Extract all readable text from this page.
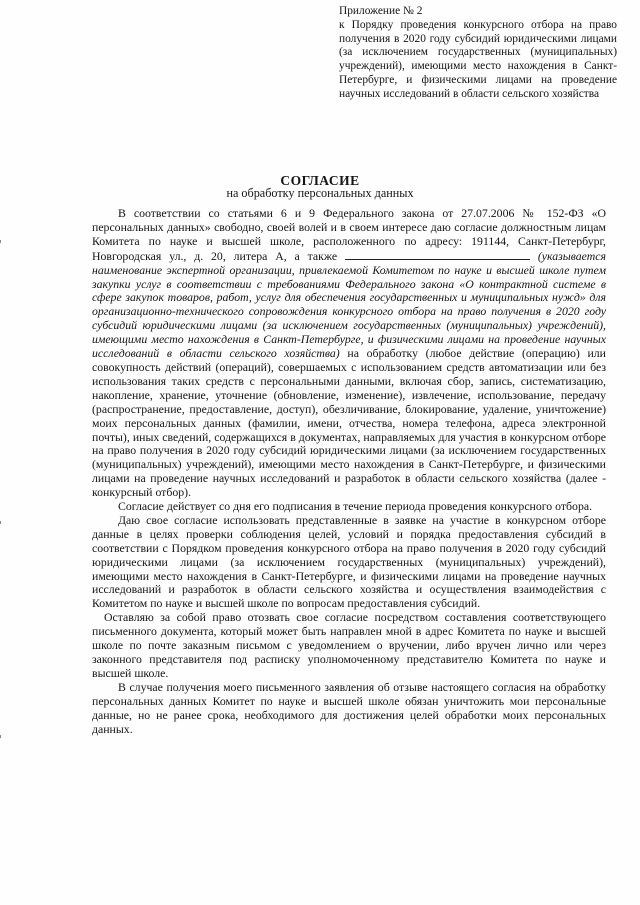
Приложение № 2
к Порядку проведения конкурсного отбора на право получения в 2020 году субсидий юридическими лицами (за исключением государственных (муниципальных) учреждений), имеющими место нахождения в Санкт-Петербурге, и физическими лицами на проведение научных исследований в области сельского хозяйства
СОГЛАСИЕ
на обработку персональных данных

В соответствии со статьями 6 и 9 Федерального закона от 27.07.2006 № 152-ФЗ «О персональных данных» свободно, своей волей и в своем интересе даю согласие должностным лицам Комитета по науке и высшей школе, расположенного по адресу: 191144, Санкт-Петербург, Новгородская ул., д. 20, литера А, а также	(указывается наименование экспертной организации, привлекаемой Комитетом по науке и высшей школе путем закупки услуг в соответствии с требованиями Федерального закона «О контрактной системе в сфере закупок товаров, работ, услуг для обеспечения государственных и муниципальных нужд» для организационно-технического сопровождения конкурсного отбора на право получения в 2020 году субсидий юридическими лицами (за исключением государственных (муниципальных) учреждений), имеющими место нахождения в Санкт-Петербурге, и физическими лицами на проведение научных исследований в области сельского хозяйства) на обработку (любое действие (операцию) или совокупность действий (операций), совершаемых с использованием средств автоматизации или без использования таких средств с персональными данными, включая сбор, запись, систематизацию, накопление, хранение, уточнение (обновление, изменение), извлечение, использование, передачу (распространение, предоставление, доступ), обезличивание, блокирование, удаление, уничтожение) моих персональных данных (фамилии, имени, отчества, номера телефона, адреса электронной почты), иных сведений, содержащихся в документах, направляемых для участия в конкурсном отборе на право получения в 2020 году субсидий юридическими лицами (за исключением государственных (муниципальных) учреждений), имеющими место нахождения в Санкт-Петербурге, и физическими лицами на проведение научных исследований и разработок в области сельского хозяйства (далее - конкурсный отбор).

Согласие действует со дня его подписания в течение периода проведения конкурсного отбора.

Даю свое согласие использовать представленные в заявке на участие в конкурсном отборе данные в целях проверки соблюдения целей, условий и порядка предоставления субсидий в соответствии с Порядком проведения конкурсного отбора на право получения в 2020 году субсидий юридическими лицами (за исключением государственных (муниципальных) учреждений), имеющими место нахождения в Санкт-Петербурге, и физическими лицами на проведение научных исследований и разработок в области сельского хозяйства и осуществления взаимодействия с Комитетом по науке и высшей школе по вопросам предоставления субсидий.

Оставляю за собой право отозвать свое согласие посредством составления соответствующего письменного документа, который может быть направлен мной в адрес Комитета по науке и высшей школе по почте заказным письмом с уведомлением о вручении, либо вручен лично или через законного представителя под расписку уполномоченному представителю Комитета по науке и высшей школе.

В случае получения моего письменного заявления об отзыве настоящего согласия на обработку персональных данных Комитет по науке и высшей школе обязан уничтожить мои персональные данные, но не ранее срока, необходимого для достижения целей обработки моих персональных данных.
